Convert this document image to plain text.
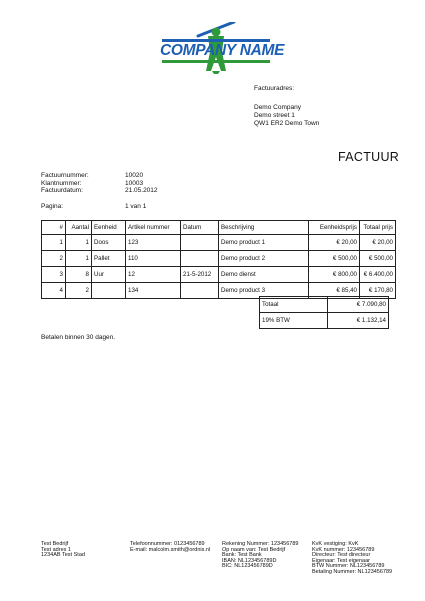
COMPANY NAME
Factuuradres:
Demo Company
Demo street 1
QW1 ER2 Demo Town
FACTUUR
Factuurnummer:	10020
Klantnummer:	10003
Factuurdatum:	21.05.2012
Pagina:	1 van 1
#	Aantal	Eenheid	Artikel nummer	Datum	Beschrijving	Eenheidsprijs	Totaal prijs
1	1	Doos	123		Demo product 1	€ 20,00	€ 20,00
2	1	Pallet	110		Demo product 2	€ 500,00	€ 500,00
3	8	Uur	12	21-5-2012	Demo dienst	€ 800,00	€ 6.400,00
4	2		134		Demo product 3	€ 85,40	€ 170,80
Totaal	€ 7.090,80
19% BTW	€ 1.132,14
Betalen binnen 30 dagen.
Test Bedrijf
Test adres 1
1234AB Test Stad
Telefoonnummer: 0123456789
E-mail: malcolm.smith@ordnis.nl
Rekening Nummer: 123456789
Op naam van: Test Bedrijf
Bank: Test Bank
IBAN: NL123456789D
BIC: NL123456789D
KvK vestiging: KvK
KvK nummer: 123456789
Directeur: Test directeur
Eigenaar: Test eigenaar
BTW Nummer: NL123456789
Betaling Nummer: NL123456789
